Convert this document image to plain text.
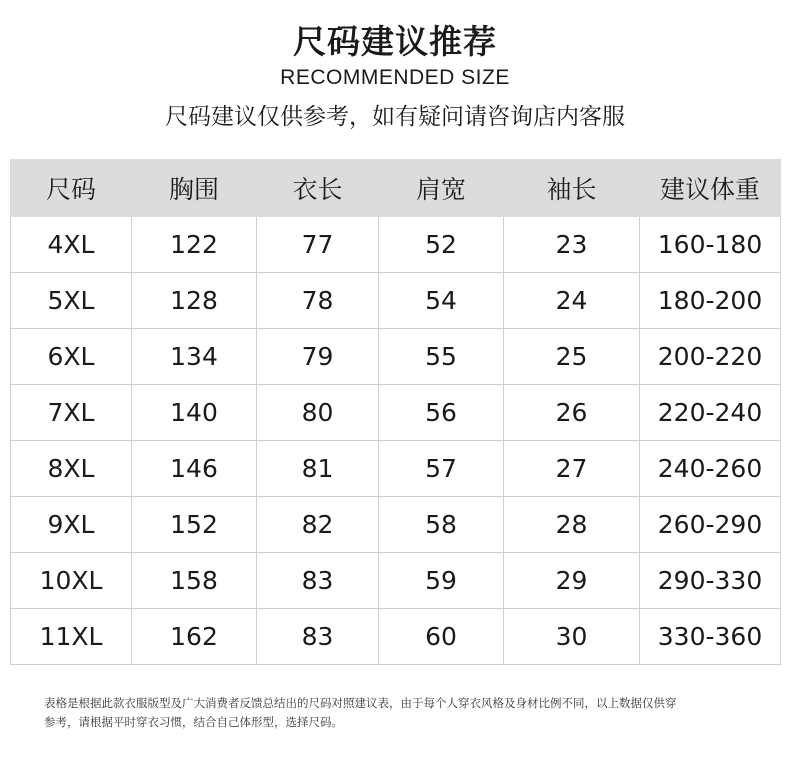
尺码建议推荐
RECOMMENDED SIZE
尺码建议仅供参考，如有疑问请咨询店内客服
尺码	胸围	衣长	肩宽	袖长	建议体重
4XL	122	77	52	23	160-180
5XL	128	78	54	24	180-200
6XL	134	79	55	25	200-220
7XL	140	80	56	26	220-240
8XL	146	81	57	27	240-260
9XL	152	82	58	28	260-290
10XL	158	83	59	29	290-330
11XL	162	83	60	30	330-360
表格是根据此款衣服版型及广大消费者反馈总结出的尺码对照建议表，由于每个人穿衣风格及身材比例不同，以上数据仅供穿
参考，请根据平时穿衣习惯，结合自己体形型，选择尺码。
